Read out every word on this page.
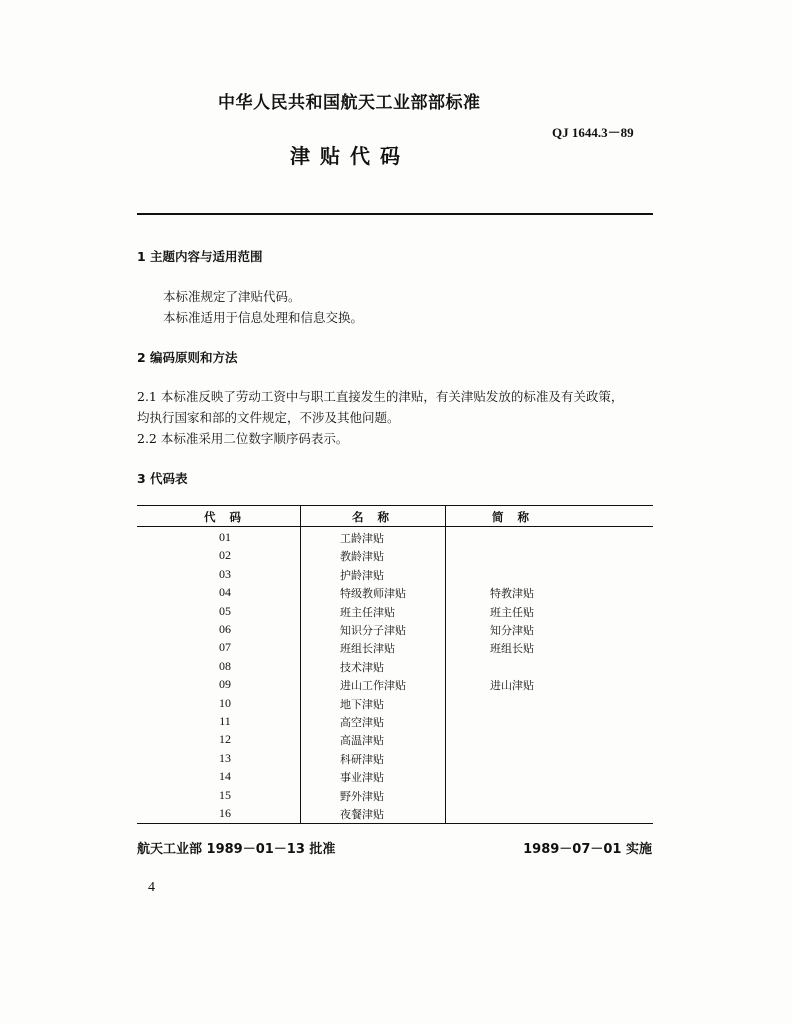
中华人民共和国航天工业部部标准
QJ 1644.3－89
津贴代码
1 主题内容与适用范围
本标准规定了津贴代码。
本标准适用于信息处理和信息交换。
2 编码原则和方法
2.1 本标准反映了劳动工资中与职工直接发生的津贴，有关津贴发放的标准及有关政策，
均执行国家和部的文件规定，不涉及其他问题。
2.2 本标准采用二位数字顺序码表示。
3 代码表
代码	名称	简称
01	工龄津贴
02	教龄津贴
03	护龄津贴
04	特级教师津贴	特教津贴
05	班主任津贴	班主任贴
06	知识分子津贴	知分津贴
07	班组长津贴	班组长贴
08	技术津贴
09	进山工作津贴	进山津贴
10	地下津贴
11	高空津贴
12	高温津贴
13	科研津贴
14	事业津贴
15	野外津贴
16	夜餐津贴
航天工业部 1989－01－13 批准	1989－07－01 实施
4
